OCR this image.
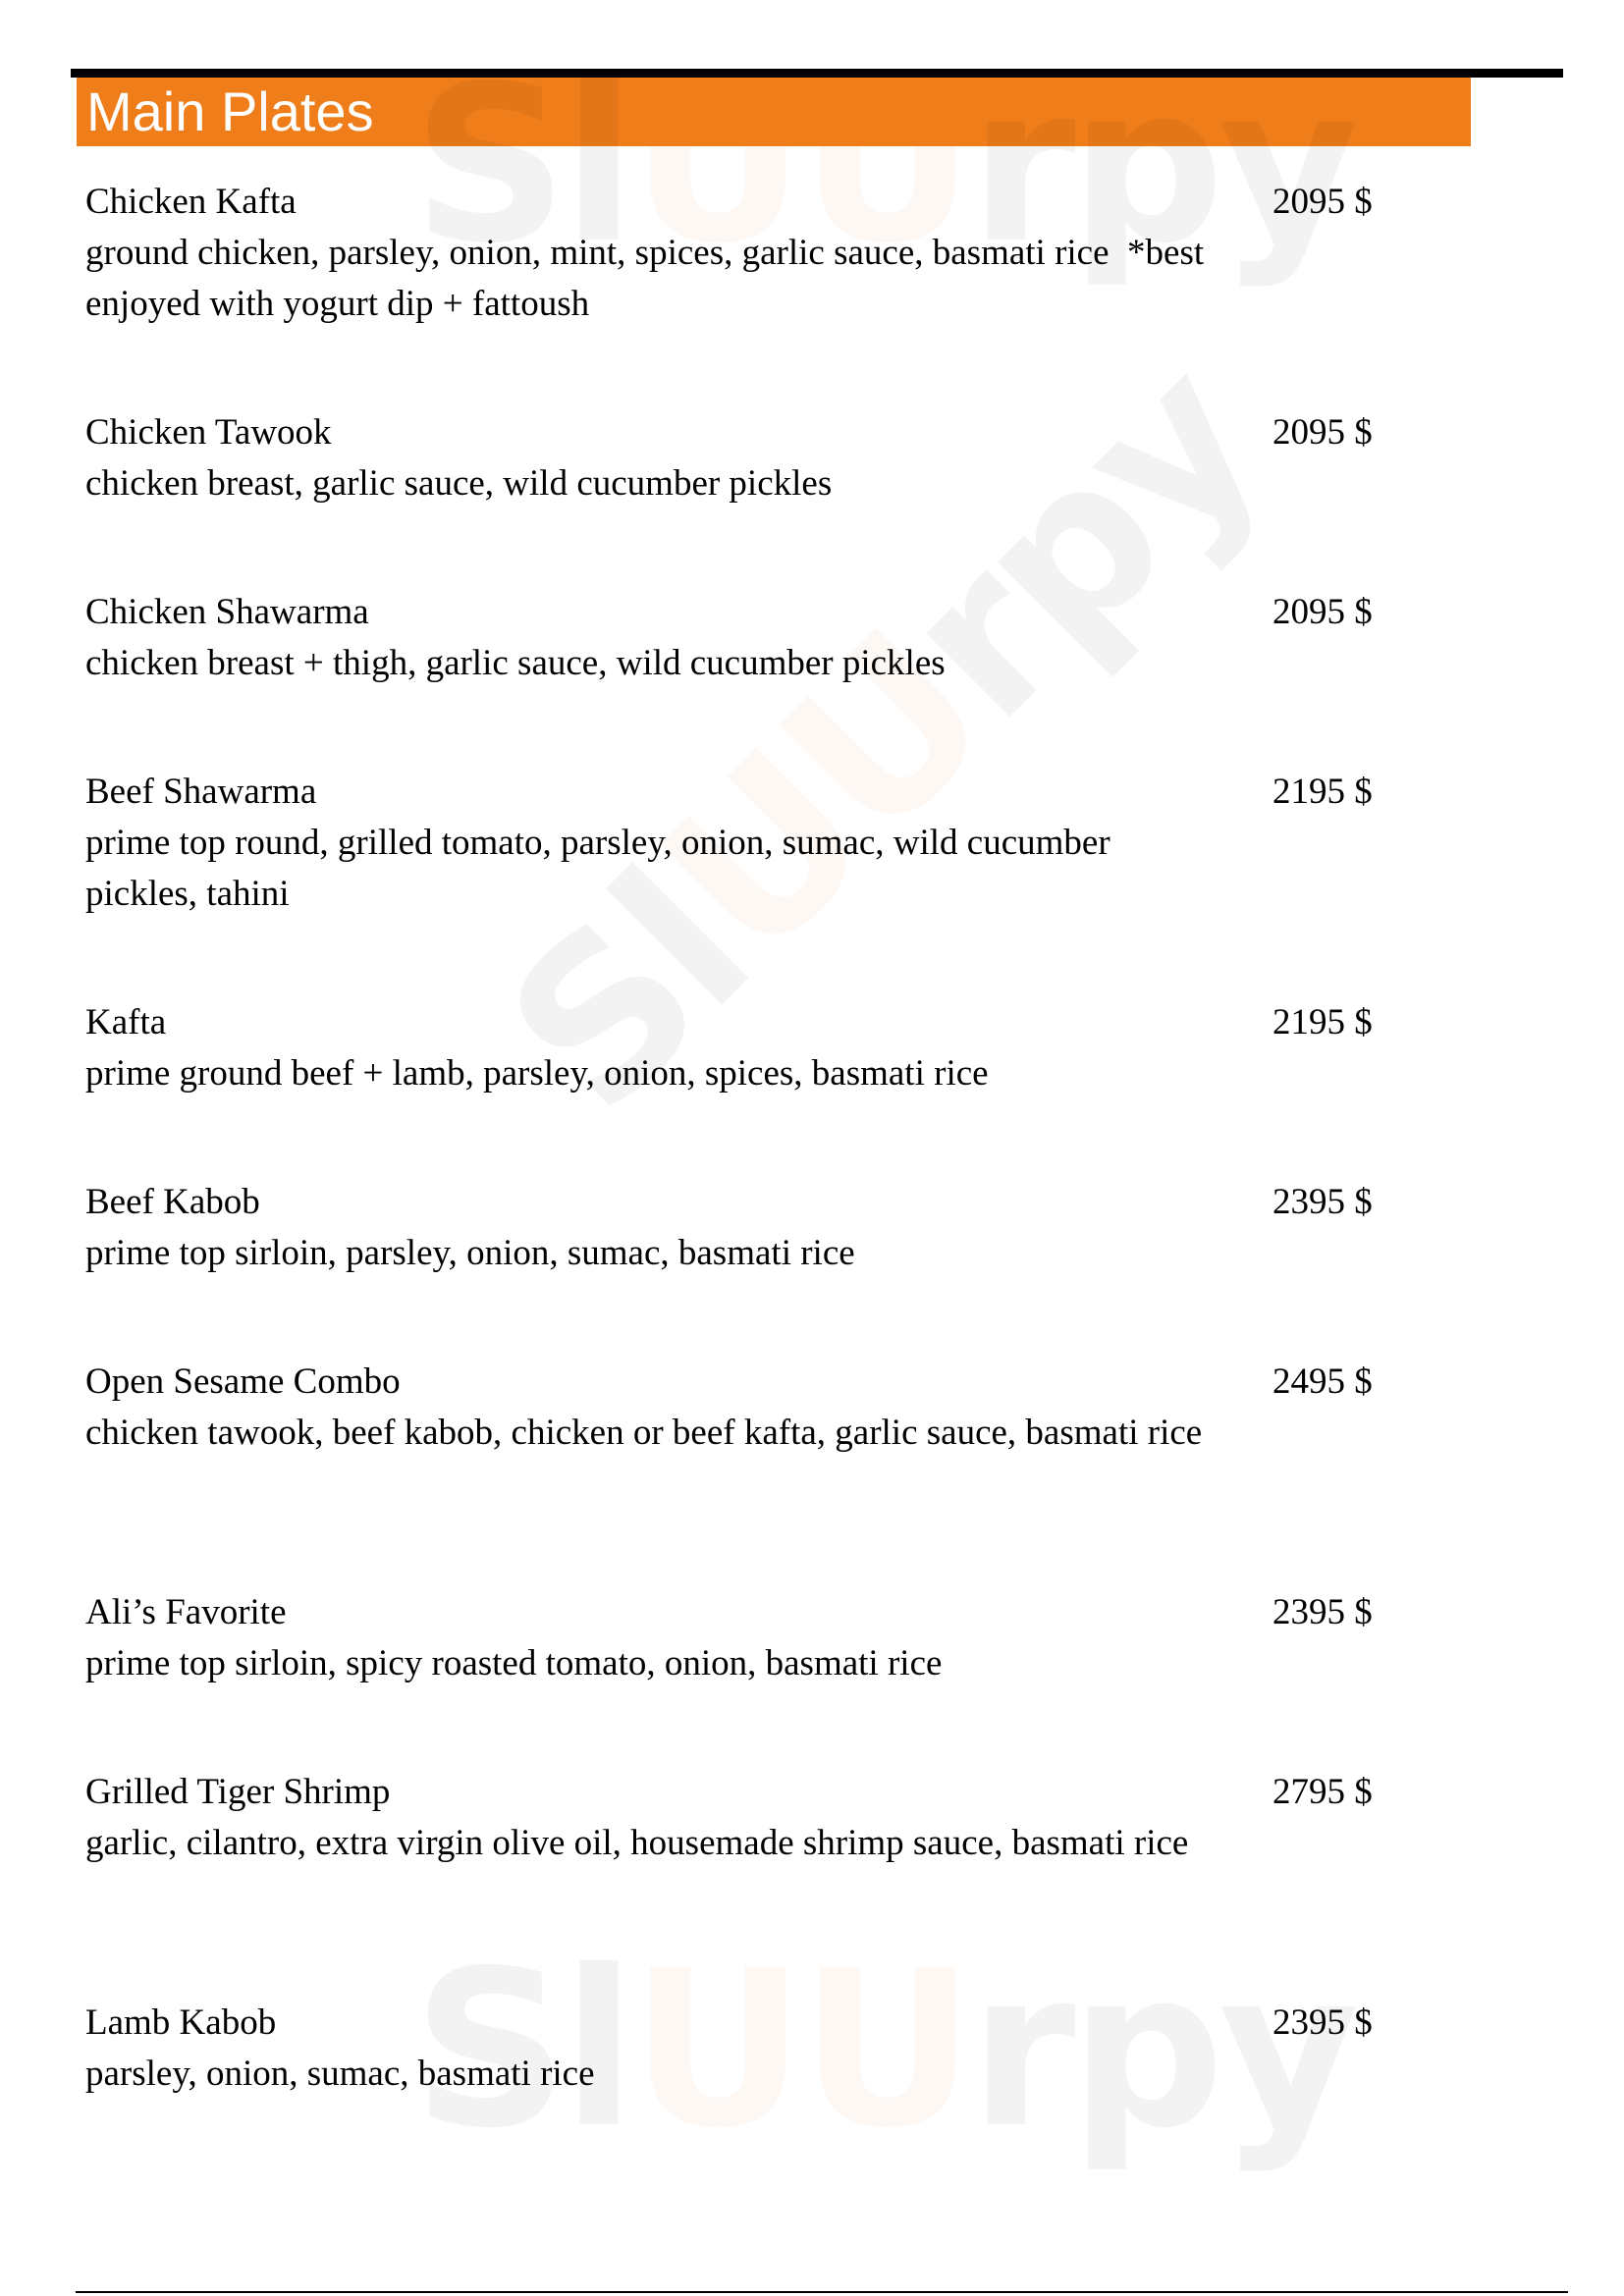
Main Plates
Chicken Kafta
ground chicken, parsley, onion, mint, spices, garlic sauce, basmati rice  *best enjoyed with yogurt dip + fattoush
2095 $
Chicken Tawook
chicken breast, garlic sauce, wild cucumber pickles
2095 $
Chicken Shawarma
chicken breast + thigh, garlic sauce, wild cucumber pickles
2095 $
Beef Shawarma
prime top round, grilled tomato, parsley, onion, sumac, wild cucumber pickles, tahini
2195 $
Kafta
prime ground beef + lamb, parsley, onion, spices, basmati rice
2195 $
Beef Kabob
prime top sirloin, parsley, onion, sumac, basmati rice
2395 $
Open Sesame Combo
chicken tawook, beef kabob, chicken or beef kafta, garlic sauce, basmati rice
2495 $
Ali’s Favorite
prime top sirloin, spicy roasted tomato, onion, basmati rice
2395 $
Grilled Tiger Shrimp
garlic, cilantro, extra virgin olive oil, housemade shrimp sauce, basmati rice
2795 $
Lamb Kabob
parsley, onion, sumac, basmati rice
2395 $
